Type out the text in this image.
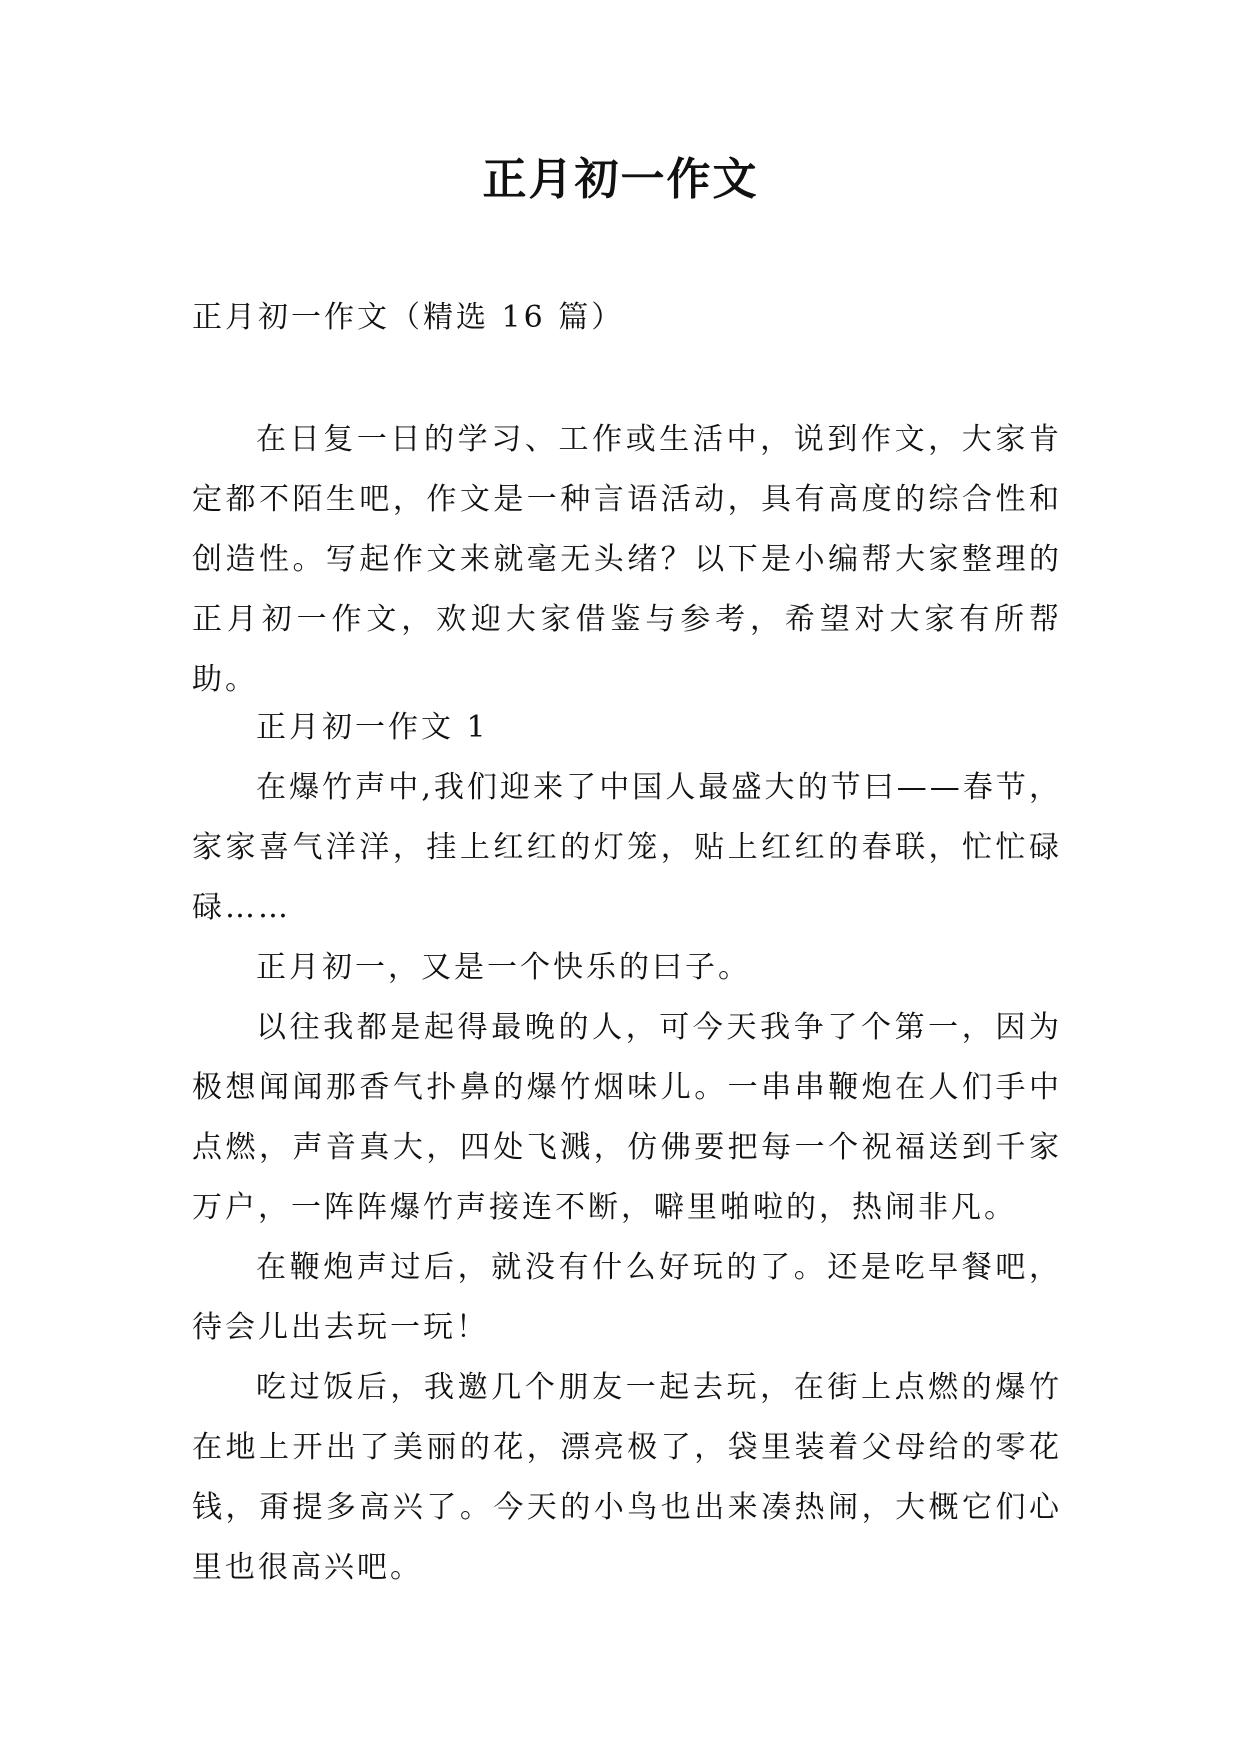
正月初一作文

正月初一作文（精选 16 篇）

在日复一日的学习、工作或生活中，说到作文，大家肯定都不陌生吧，作文是一种言语活动，具有高度的综合性和创造性。写起作文来就毫无头绪？以下是小编帮大家整理的正月初一作文，欢迎大家借鉴与参考，希望对大家有所帮助。

正月初一作文 1

在爆竹声中,我们迎来了中国人最盛大的节曰——春节，家家喜气洋洋，挂上红红的灯笼，贴上红红的春联，忙忙碌碌……

正月初一，又是一个快乐的曰子。

以往我都是起得最晚的人，可今天我争了个第一，因为极想闻闻那香气扑鼻的爆竹烟味儿。一串串鞭炮在人们手中点燃，声音真大，四处飞溅，仿佛要把每一个祝福送到千家万户，一阵阵爆竹声接连不断，噼里啪啦的，热闹非凡。

在鞭炮声过后，就没有什么好玩的了。还是吃早餐吧，待会儿出去玩一玩！

吃过饭后，我邀几个朋友一起去玩，在街上点燃的爆竹在地上开出了美丽的花，漂亮极了，袋里装着父母给的零花钱，甭提多高兴了。今天的小鸟也出来凑热闹，大概它们心里也很高兴吧。
